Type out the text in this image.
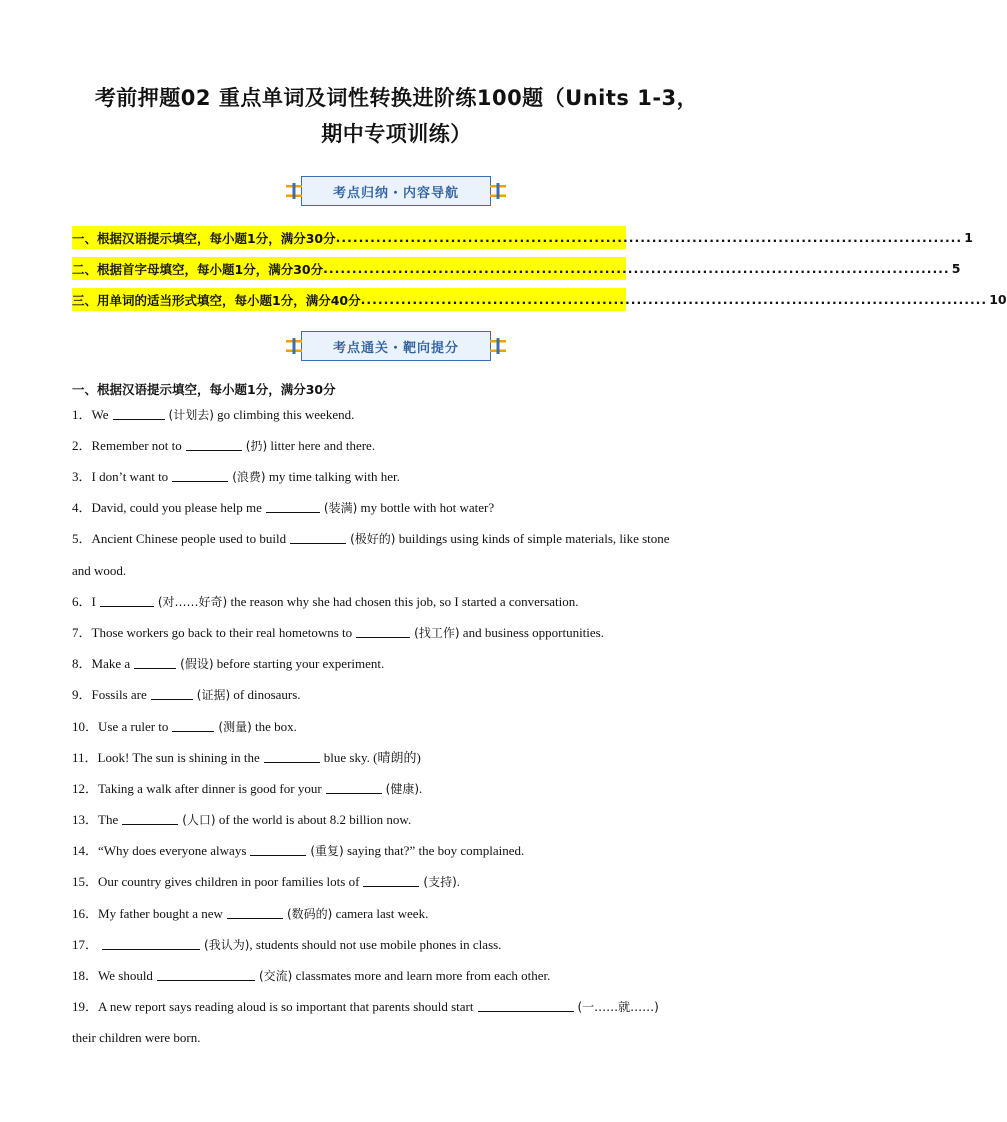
考前押题02 重点单词及词性转换进阶练100题（Units 1-3，
期中专项训练）
考点归纳・内容导航
一、根据汉语提示填空，每小题1分，满分30分 ............................................................................................................. 1
二、根据首字母填空，每小题1分，满分30分 ............................................................................................................. 5
三、用单词的适当形式填空，每小题1分，满分40分 ............................................................................................................. 10
考点通关・靶向提分
一、根据汉语提示填空，每小题1分，满分30分
1．We	(计划去) go climbing this weekend.
2．Remember not to	(扔) litter here and there.
3．I don’t want to	(浪费) my time talking with her.
4．David, could you please help me	(装满) my bottle with hot water?
5．Ancient Chinese people used to build	(极好的) buildings using kinds of simple materials, like stone
and wood.
6．I	(对……好奇) the reason why she had chosen this job, so I started a conversation.
7．Those workers go back to their real hometowns to	(找工作) and business opportunities.
8．Make a	(假设) before starting your experiment.
9．Fossils are	(证据) of dinosaurs.
10．Use a ruler to	(测量) the box.
11．Look! The sun is shining in the	blue sky. (晴朗的)
12．Taking a walk after dinner is good for your	(健康).
13．The	(人口) of the world is about 8.2 billion now.
14．“Why does everyone always	(重复) saying that?” the boy complained.
15．Our country gives children in poor families lots of	(支持).
16．My father bought a new	(数码的) camera last week.
17．	(我认为), students should not use mobile phones in class.
18．We should	(交流) classmates more and learn more from each other.
19．A new report says reading aloud is so important that parents should start	(一……就……)
their children were born.
